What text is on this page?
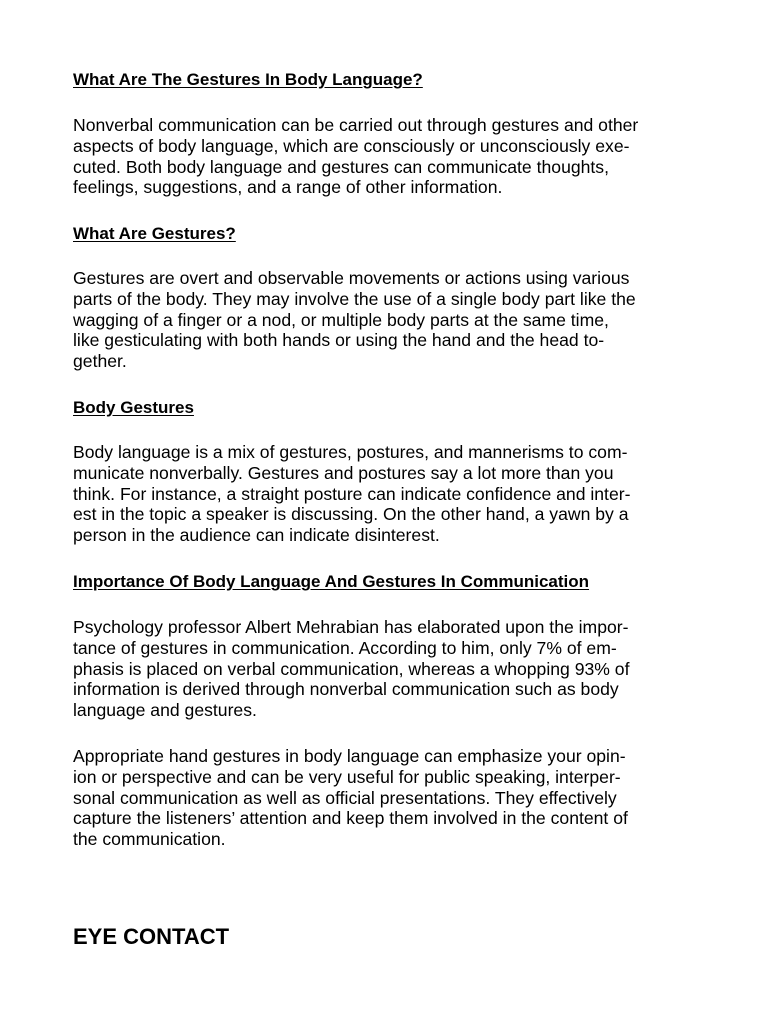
What Are The Gestures In Body Language?
Nonverbal communication can be carried out through gestures and other
aspects of body language, which are consciously or unconsciously exe-
cuted. Both body language and gestures can communicate thoughts,
feelings, suggestions, and a range of other information.
What Are Gestures?
Gestures are overt and observable movements or actions using various
parts of the body. They may involve the use of a single body part like the
wagging of a finger or a nod, or multiple body parts at the same time,
like gesticulating with both hands or using the hand and the head to-
gether.
Body Gestures
Body language is a mix of gestures, postures, and mannerisms to com-
municate nonverbally. Gestures and postures say a lot more than you
think. For instance, a straight posture can indicate confidence and inter-
est in the topic a speaker is discussing. On the other hand, a yawn by a
person in the audience can indicate disinterest.
Importance Of Body Language And Gestures In Communication
Psychology professor Albert Mehrabian has elaborated upon the impor-
tance of gestures in communication. According to him, only 7% of em-
phasis is placed on verbal communication, whereas a whopping 93% of
information is derived through nonverbal communication such as body
language and gestures.
Appropriate hand gestures in body language can emphasize your opin-
ion or perspective and can be very useful for public speaking, interper-
sonal communication as well as official presentations. They effectively
capture the listeners’ attention and keep them involved in the content of
the communication.
EYE CONTACT
